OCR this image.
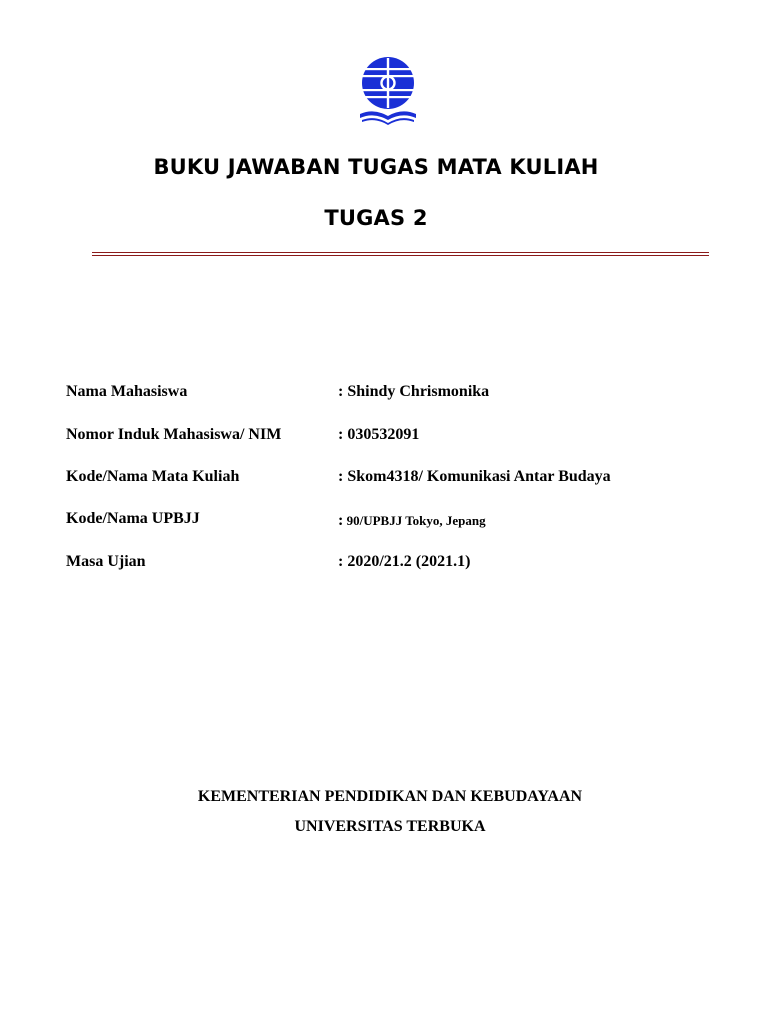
BUKU JAWABAN TUGAS MATA KULIAH
TUGAS 2
Nama Mahasiswa	: Shindy Chrismonika
Nomor Induk Mahasiswa/ NIM	: 030532091
Kode/Nama Mata Kuliah	: Skom4318/ Komunikasi Antar Budaya
Kode/Nama UPBJJ	: 90/UPBJJ Tokyo, Jepang
Masa Ujian	: 2020/21.2 (2021.1)
KEMENTERIAN PENDIDIKAN DAN KEBUDAYAAN
UNIVERSITAS TERBUKA
